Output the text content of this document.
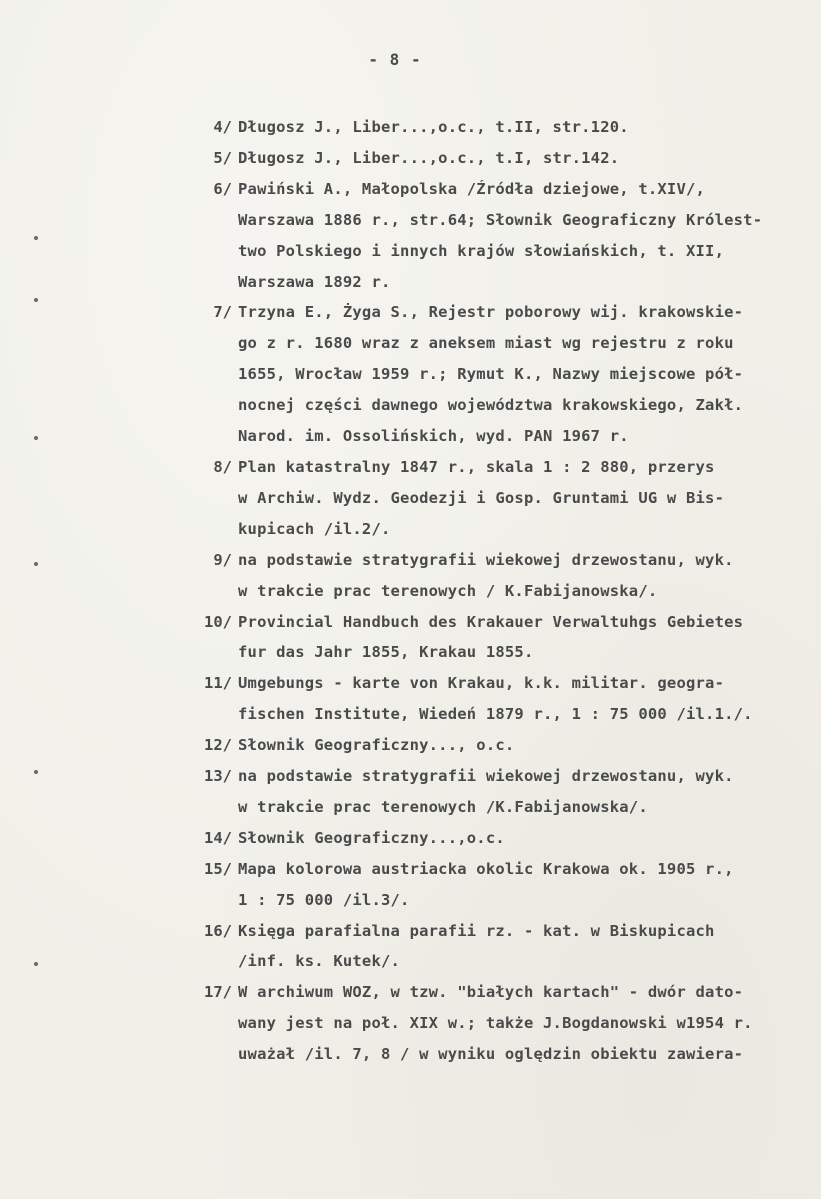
- 8 -
4/ Długosz J., Liber...,o.c., t.II, str.120.
5/ Długosz J., Liber...,o.c., t.I, str.142.
6/ Pawiński A., Małopolska /Źródła dziejowe, t.XIV/,
Warszawa 1886 r., str.64; Słownik Geograficzny Królest-
two Polskiego i innych krajów słowiańskich, t. XII,
Warszawa 1892 r.
7/ Trzyna E., Żyga S., Rejestr poborowy wij. krakowskie-
go z r. 1680 wraz z aneksem miast wg rejestru z roku
1655, Wrocław 1959 r.; Rymut K., Nazwy miejscowe pół-
nocnej części dawnego województwa krakowskiego, Zakł.
Narod. im. Ossolińskich, wyd. PAN 1967 r.
8/ Plan katastralny 1847 r., skala 1 : 2 880, przerys
w Archiw. Wydz. Geodezji i Gosp. Gruntami UG w Bis-
kupicach /il.2/.
9/ na podstawie stratygrafii wiekowej drzewostanu, wyk.
w trakcie prac terenowych / K.Fabijanowska/.
10/ Provincial Handbuch des Krakauer Verwaltuhgs Gebietes
fur das Jahr 1855, Krakau 1855.
11/ Umgebungs - karte von Krakau, k.k. militar. geogra-
fischen Institute, Wiedeń 1879 r., 1 : 75 000 /il.1./.
12/ Słownik Geograficzny..., o.c.
13/ na podstawie stratygrafii wiekowej drzewostanu, wyk.
w trakcie prac terenowych /K.Fabijanowska/.
14/ Słownik Geograficzny...,o.c.
15/ Mapa kolorowa austriacka okolic Krakowa ok. 1905 r.,
1 : 75 000 /il.3/.
16/ Księga parafialna parafii rz. - kat. w Biskupicach
/inf. ks. Kutek/.
17/ W archiwum WOZ, w tzw. "białych kartach" - dwór dato-
wany jest na poł. XIX w.; także J.Bogdanowski w1954 r.
uważał /il. 7, 8 / w wyniku oględzin obiektu zawiera-
